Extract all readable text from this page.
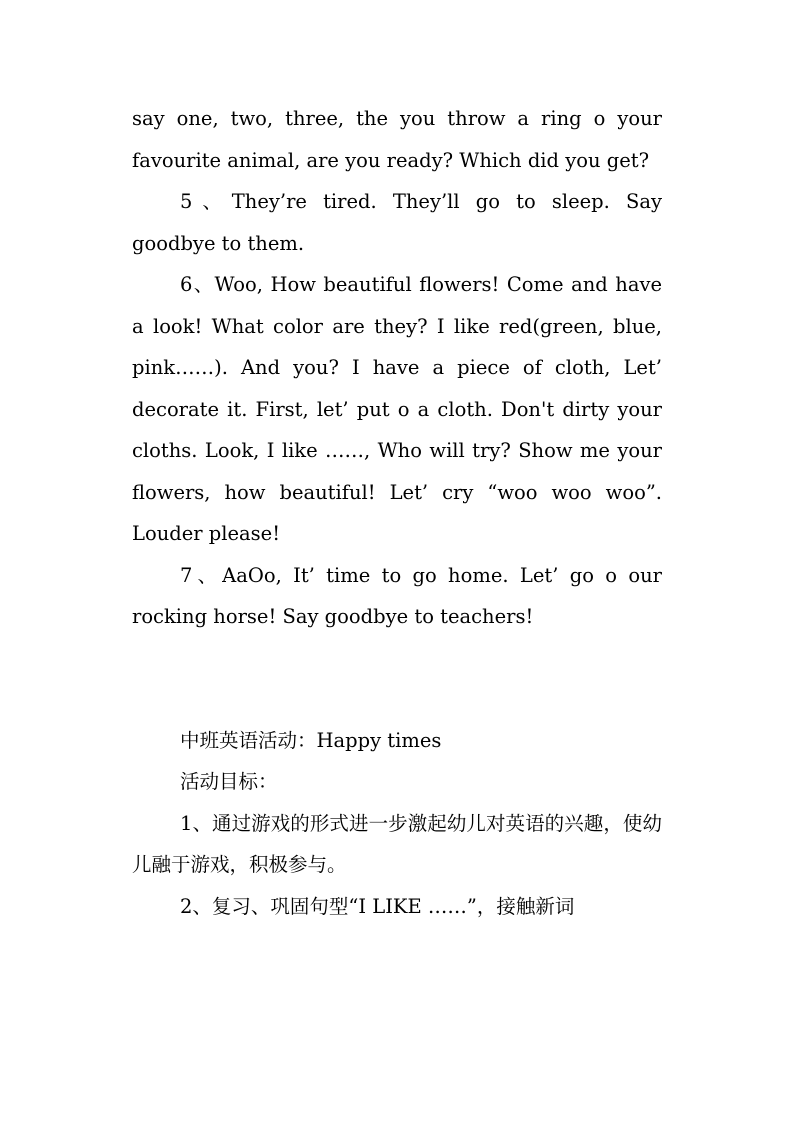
say one, two, three, the you throw a ring o your favourite animal, are you ready? Which did you get?

5、They’re tired. They’ll go to sleep. Say goodbye to them.

6、Woo, How beautiful flowers! Come and have a look! What color are they? I like red(green, blue, pink……). And you? I have a piece of cloth, Let’ decorate it. First, let’ put o a cloth. Don't dirty your cloths. Look, I like ……, Who will try? Show me your flowers, how beautiful! Let’ cry “woo woo woo”. Louder please!

7、AaOo, It’ time to go home. Let’ go o our rocking horse! Say goodbye to teachers!

中班英语活动：Happy times

活动目标：

1、通过游戏的形式进一步激起幼儿对英语的兴趣，使幼儿融于游戏，积极参与。

2、复习、巩固句型“I LIKE ……”，接触新词
